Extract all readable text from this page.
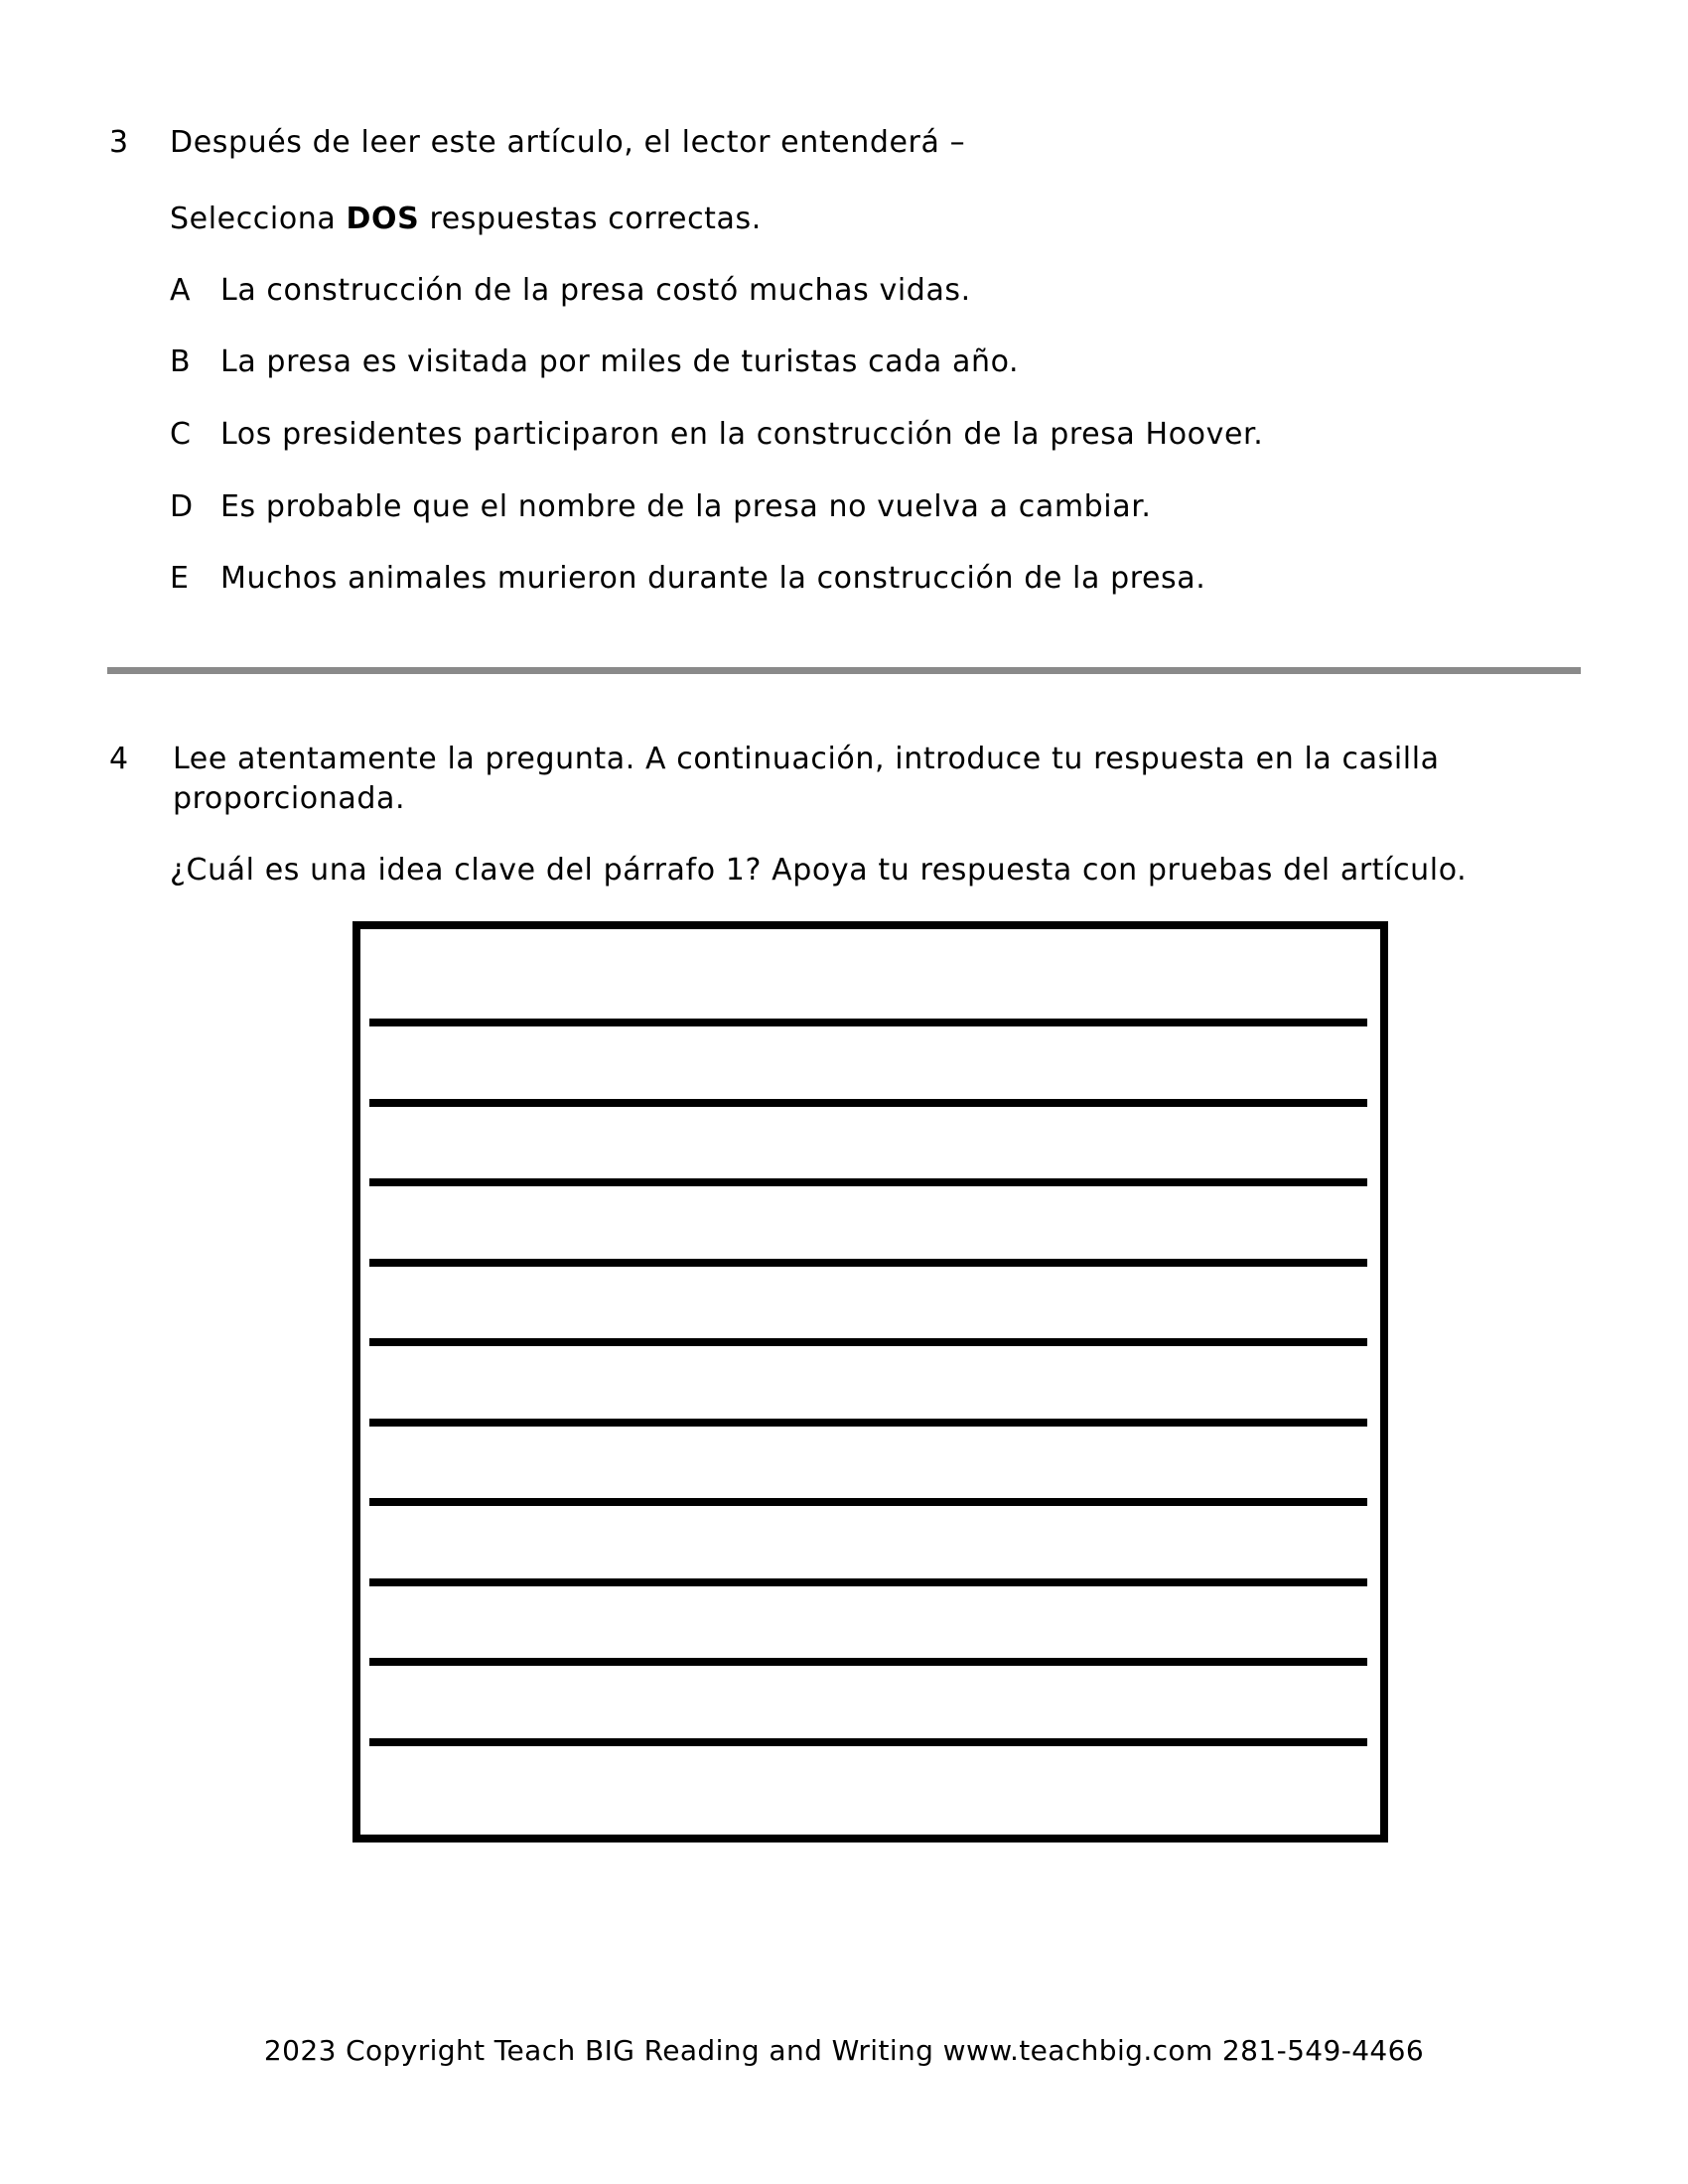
3 Después de leer este artículo, el lector entenderá –
Selecciona DOS respuestas correctas.
A La construcción de la presa costó muchas vidas.
B La presa es visitada por miles de turistas cada año.
C Los presidentes participaron en la construcción de la presa Hoover.
D Es probable que el nombre de la presa no vuelva a cambiar.
E Muchos animales murieron durante la construcción de la presa.
4 Lee atentamente la pregunta. A continuación, introduce tu respuesta en la casilla
proporcionada.
¿Cuál es una idea clave del párrafo 1? Apoya tu respuesta con pruebas del artículo.
2023 Copyright Teach BIG Reading and Writing www.teachbig.com 281-549-4466
